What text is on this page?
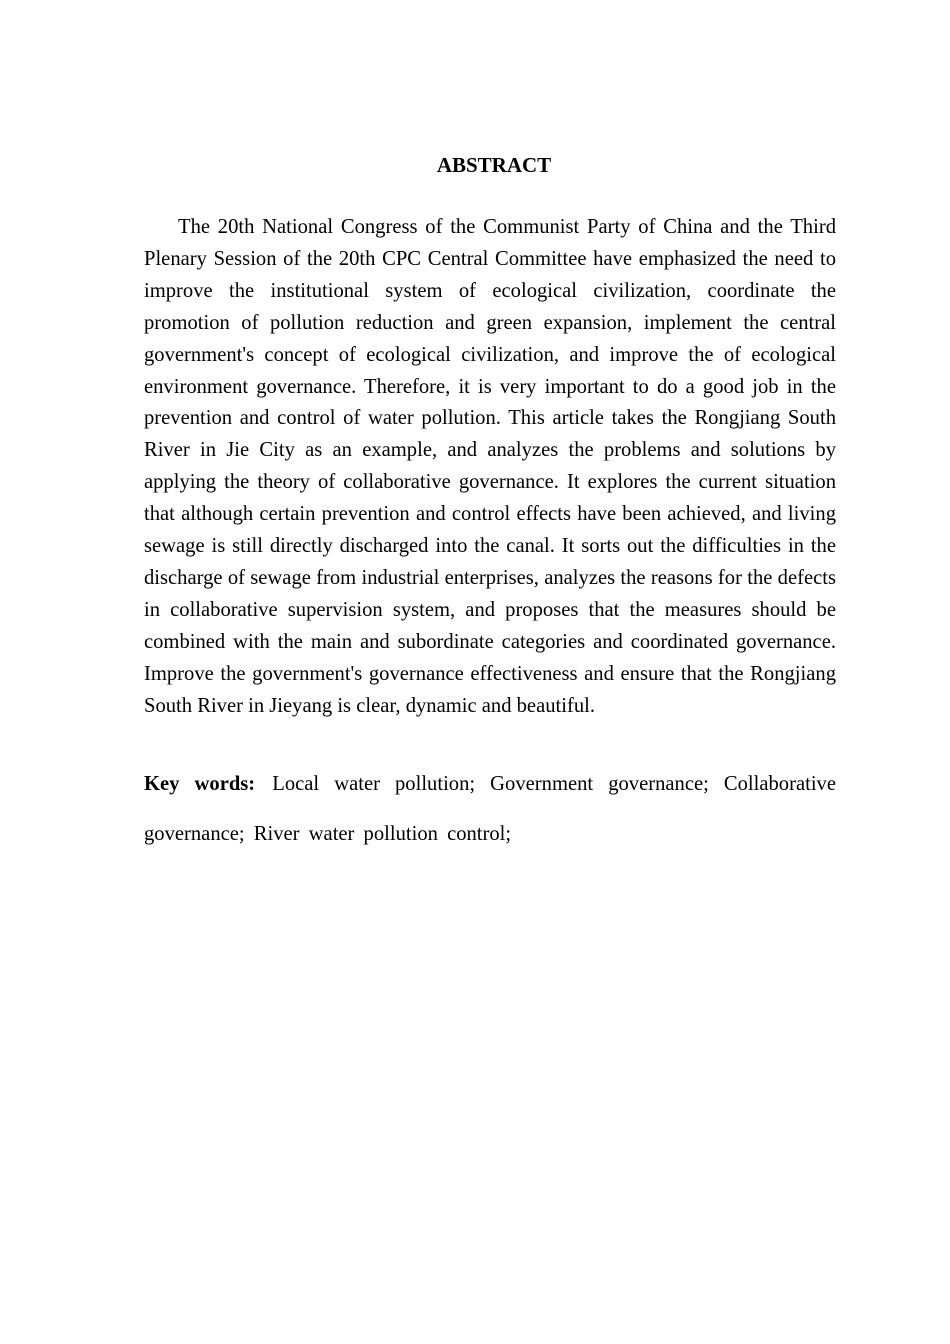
ABSTRACT

The 20th National Congress of the Communist Party of China and the Third Plenary Session of the 20th CPC Central Committee have emphasized the need to improve the institutional system of ecological civilization, coordinate the promotion of pollution reduction and green expansion, implement the central government's concept of ecological civilization, and improve the of ecological environment governance. Therefore, it is very important to do a good job in the prevention and control of water pollution. This article takes the Rongjiang South River in Jie City as an example, and analyzes the problems and solutions by applying the theory of collaborative governance. It explores the current situation that although certain prevention and control effects have been achieved, and living sewage is still directly discharged into the canal. It sorts out the difficulties in the discharge of sewage from industrial enterprises, analyzes the reasons for the defects in collaborative supervision system, and proposes that the measures should be combined with the main and subordinate categories and coordinated governance. Improve the government's governance effectiveness and ensure that the Rongjiang South River in Jieyang is clear, dynamic and beautiful.

Key words: Local water pollution; Government governance; Collaborative governance; River water pollution control;
